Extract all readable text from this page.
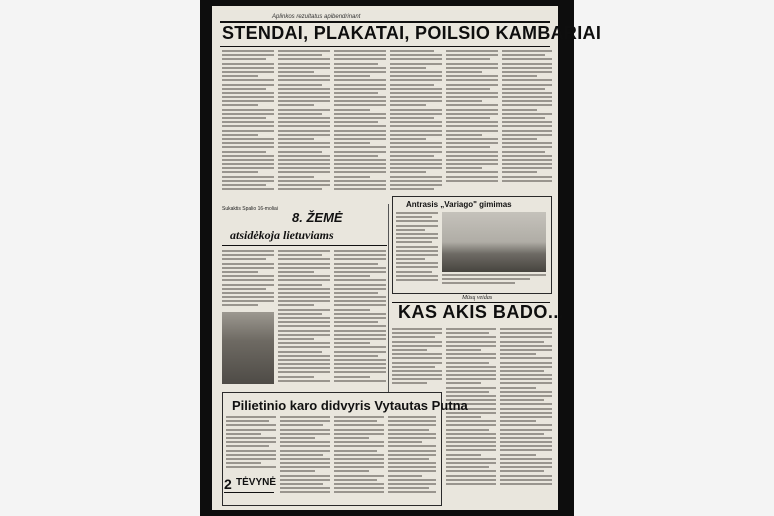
Aplinkos rezultatus apibendrinant
STENDAI, PLAKATAI, POILSIO KAMBARIAI
Sukaktis Spalio 16-moliai
8. ŽEMĖ
atsidėkoja lietuviams
Antrasis „Variago" gimimas
Mūsų veidas
KAS AKIS BADO...
Pilietinio karo didvyris Vytautas Putna
2 TĖVYNĖ
